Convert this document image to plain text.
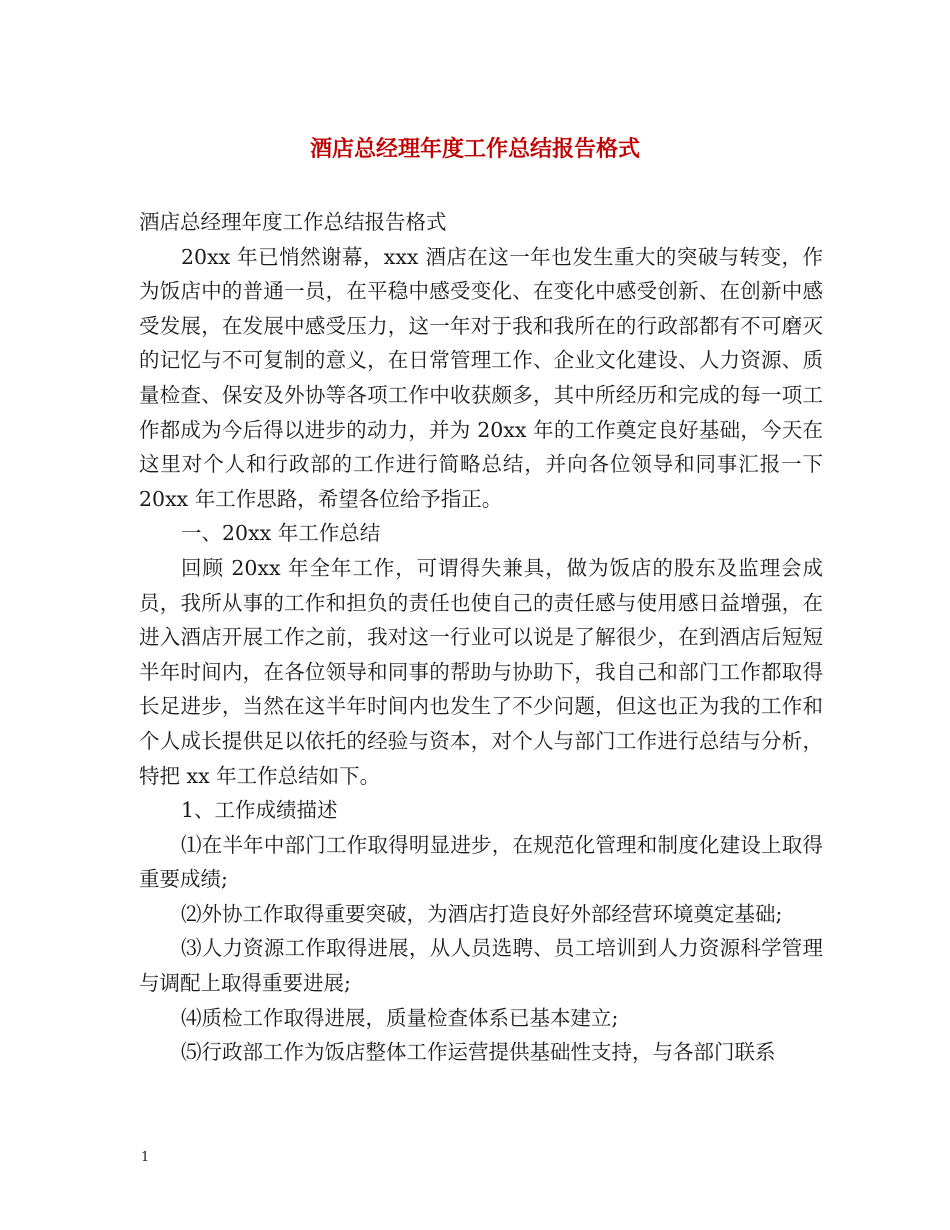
酒店总经理年度工作总结报告格式

酒店总经理年度工作总结报告格式

20xx 年已悄然谢幕，xxx 酒店在这一年也发生重大的突破与转变，作为饭店中的普通一员，在平稳中感受变化、在变化中感受创新、在创新中感受发展，在发展中感受压力，这一年对于我和我所在的行政部都有不可磨灭的记忆与不可复制的意义，在日常管理工作、企业文化建设、人力资源、质量检查、保安及外协等各项工作中收获颇多，其中所经历和完成的每一项工作都成为今后得以进步的动力，并为 20xx 年的工作奠定良好基础，今天在这里对个人和行政部的工作进行简略总结，并向各位领导和同事汇报一下 20xx 年工作思路，希望各位给予指正。

一、20xx 年工作总结

回顾 20xx 年全年工作，可谓得失兼具，做为饭店的股东及监理会成员，我所从事的工作和担负的责任也使自己的责任感与使用感日益增强，在进入酒店开展工作之前，我对这一行业可以说是了解很少，在到酒店后短短半年时间内，在各位领导和同事的帮助与协助下，我自己和部门工作都取得长足进步，当然在这半年时间内也发生了不少问题，但这也正为我的工作和个人成长提供足以依托的经验与资本，对个人与部门工作进行总结与分析，特把 xx 年工作总结如下。

1、工作成绩描述

⑴在半年中部门工作取得明显进步，在规范化管理和制度化建设上取得重要成绩;

⑵外协工作取得重要突破，为酒店打造良好外部经营环境奠定基础;

⑶人力资源工作取得进展，从人员选聘、员工培训到人力资源科学管理与调配上取得重要进展;

⑷质检工作取得进展，质量检查体系已基本建立;

⑸行政部工作为饭店整体工作运营提供基础性支持，与各部门联系

1
